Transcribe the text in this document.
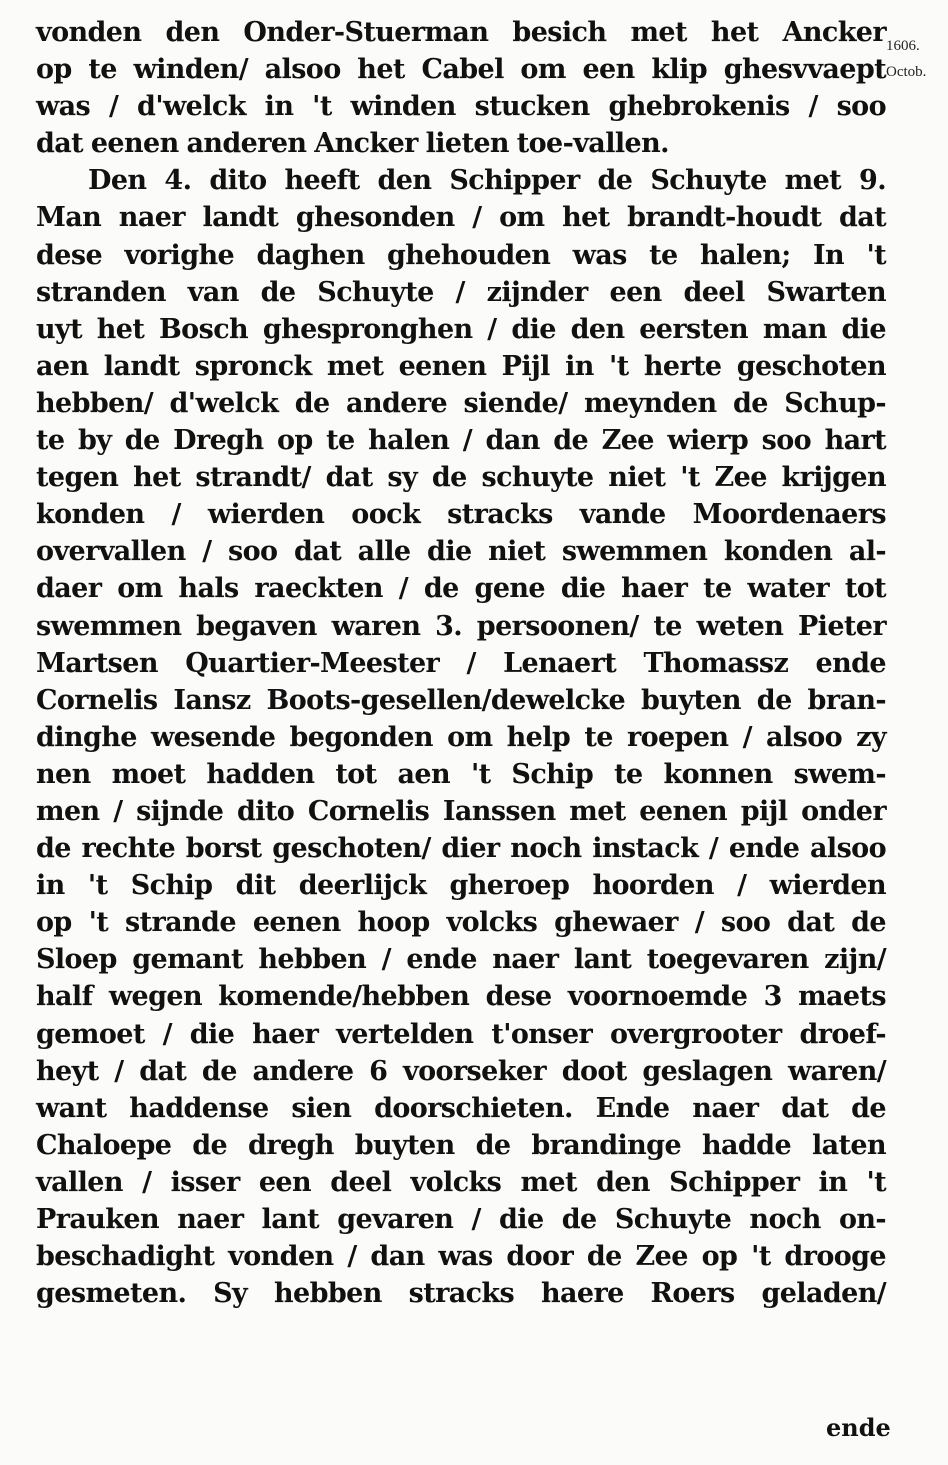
1606.
Octob.
vonden den Onder-Stuerman besich met het Ancker
op te winden/ alsoo het Cabel om een klip ghesvvaept
was / d'welck in 't winden stucken ghebrokenis / soo
dat eenen anderen Ancker lieten toe-vallen.
Den 4. dito heeft den Schipper de Schuyte met 9.
Man naer landt ghesonden / om het brandt-houdt dat
dese vorighe daghen ghehouden was te halen; In 't
stranden van de Schuyte / zijnder een deel Swarten
uyt het Bosch ghespronghen / die den eersten man die
aen landt spronck met eenen Pijl in 't herte geschoten
hebben/ d'welck de andere siende/ meynden de Schup-
te by de Dregh op te halen / dan de Zee wierp soo hart
tegen het strandt/ dat sy de schuyte niet 't Zee krijgen
konden / wierden oock stracks vande Moordenaers
overvallen / soo dat alle die niet swemmen konden al-
daer om hals raeckten / de gene die haer te water tot
swemmen begaven waren 3. persoonen/ te weten Pieter
Martsen Quartier-Meester / Lenaert Thomassz ende
Cornelis Iansz Boots-gesellen/dewelcke buyten de bran-
dinghe wesende begonden om help te roepen / alsoo zy
nen moet hadden tot aen 't Schip te konnen swem-
men / sijnde dito Cornelis Ianssen met eenen pijl onder
de rechte borst geschoten/ dier noch instack / ende alsoo
in 't Schip dit deerlijck gheroep hoorden / wierden
op 't strande eenen hoop volcks ghewaer / soo dat de
Sloep gemant hebben / ende naer lant toegevaren zijn/
half wegen komende/hebben dese voornoemde 3 maets
gemoet / die haer vertelden t'onser overgrooter droef-
heyt / dat de andere 6 voorseker doot geslagen waren/
want haddense sien doorschieten. Ende naer dat de
Chaloepe de dregh buyten de brandinge hadde laten
vallen / isser een deel volcks met den Schipper in 't
Prauken naer lant gevaren / die de Schuyte noch on-
beschadight vonden / dan was door de Zee op 't drooge
gesmeten. Sy hebben stracks haere Roers geladen/
ende
